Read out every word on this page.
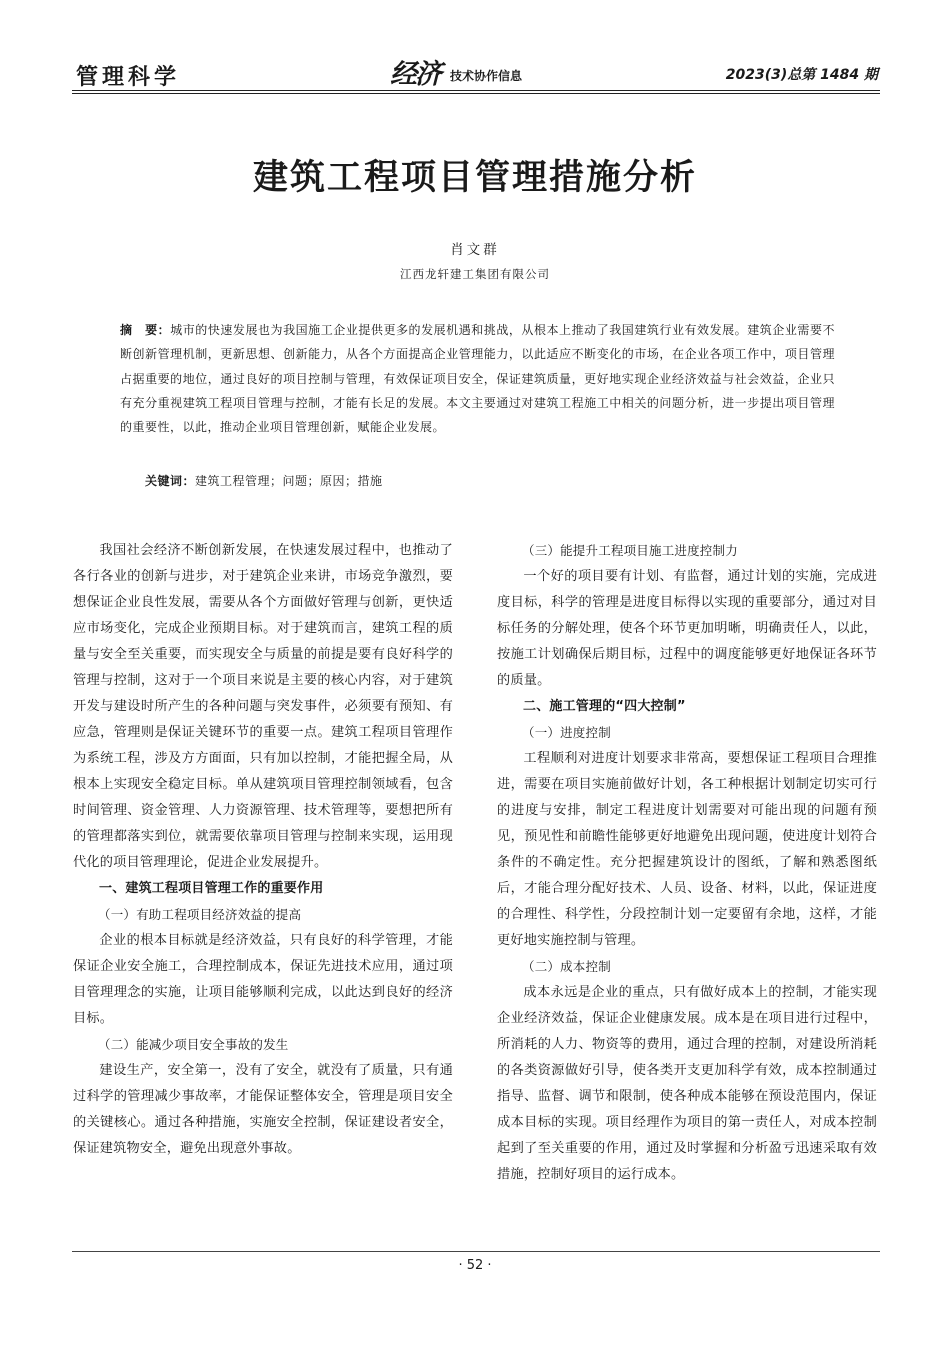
管理科学	经济 技术协作信息	2023(3)总第 1484 期
建筑工程项目管理措施分析
肖文群
江西龙轩建工集团有限公司
摘　要：城市的快速发展也为我国施工企业提供更多的发展机遇和挑战，从根本上推动了我国建筑行业有效发展。建筑企业需要不断创新管理机制，更新思想、创新能力，从各个方面提高企业管理能力，以此适应不断变化的市场，在企业各项工作中，项目管理占据重要的地位，通过良好的项目控制与管理，有效保证项目安全，保证建筑质量，更好地实现企业经济效益与社会效益，企业只有充分重视建筑工程项目管理与控制，才能有长足的发展。本文主要通过对建筑工程施工中相关的问题分析，进一步提出项目管理的重要性，以此，推动企业项目管理创新，赋能企业发展。
关键词：建筑工程管理；问题；原因；措施

我国社会经济不断创新发展，在快速发展过程中，也推动了各行各业的创新与进步，对于建筑企业来讲，市场竞争激烈，要想保证企业良性发展，需要从各个方面做好管理与创新，更快适应市场变化，完成企业预期目标。对于建筑而言，建筑工程的质量与安全至关重要，而实现安全与质量的前提是要有良好科学的管理与控制，这对于一个项目来说是主要的核心内容，对于建筑开发与建设时所产生的各种问题与突发事件，必须要有预知、有应急，管理则是保证关键环节的重要一点。建筑工程项目管理作为系统工程，涉及方方面面，只有加以控制，才能把握全局，从根本上实现安全稳定目标。单从建筑项目管理控制领域看，包含时间管理、资金管理、人力资源管理、技术管理等，要想把所有的管理都落实到位，就需要依靠项目管理与控制来实现，运用现代化的项目管理理论，促进企业发展提升。

一、建筑工程项目管理工作的重要作用

（一）有助工程项目经济效益的提高

企业的根本目标就是经济效益，只有良好的科学管理，才能保证企业安全施工，合理控制成本，保证先进技术应用，通过项目管理理念的实施，让项目能够顺利完成，以此达到良好的经济目标。

（二）能减少项目安全事故的发生

建设生产，安全第一，没有了安全，就没有了质量，只有通过科学的管理减少事故率，才能保证整体安全，管理是项目安全的关键核心。通过各种措施，实施安全控制，保证建设者安全，保证建筑物安全，避免出现意外事故。

（三）能提升工程项目施工进度控制力

一个好的项目要有计划、有监督，通过计划的实施，完成进度目标，科学的管理是进度目标得以实现的重要部分，通过对目标任务的分解处理，使各个环节更加明晰，明确责任人，以此，按施工计划确保后期目标，过程中的调度能够更好地保证各环节的质量。

二、施工管理的“四大控制”

（一）进度控制

工程顺利对进度计划要求非常高，要想保证工程项目合理推进，需要在项目实施前做好计划，各工种根据计划制定切实可行的进度与安排，制定工程进度计划需要对可能出现的问题有预见，预见性和前瞻性能够更好地避免出现问题，使进度计划符合条件的不确定性。充分把握建筑设计的图纸，了解和熟悉图纸后，才能合理分配好技术、人员、设备、材料，以此，保证进度的合理性、科学性，分段控制计划一定要留有余地，这样，才能更好地实施控制与管理。

（二）成本控制

成本永远是企业的重点，只有做好成本上的控制，才能实现企业经济效益，保证企业健康发展。成本是在项目进行过程中，所消耗的人力、物资等的费用，通过合理的控制，对建设所消耗的各类资源做好引导，使各类开支更加科学有效，成本控制通过指导、监督、调节和限制，使各种成本能够在预设范围内，保证成本目标的实现。项目经理作为项目的第一责任人，对成本控制起到了至关重要的作用，通过及时掌握和分析盈亏迅速采取有效措施，控制好项目的运行成本。

· 52 ·
